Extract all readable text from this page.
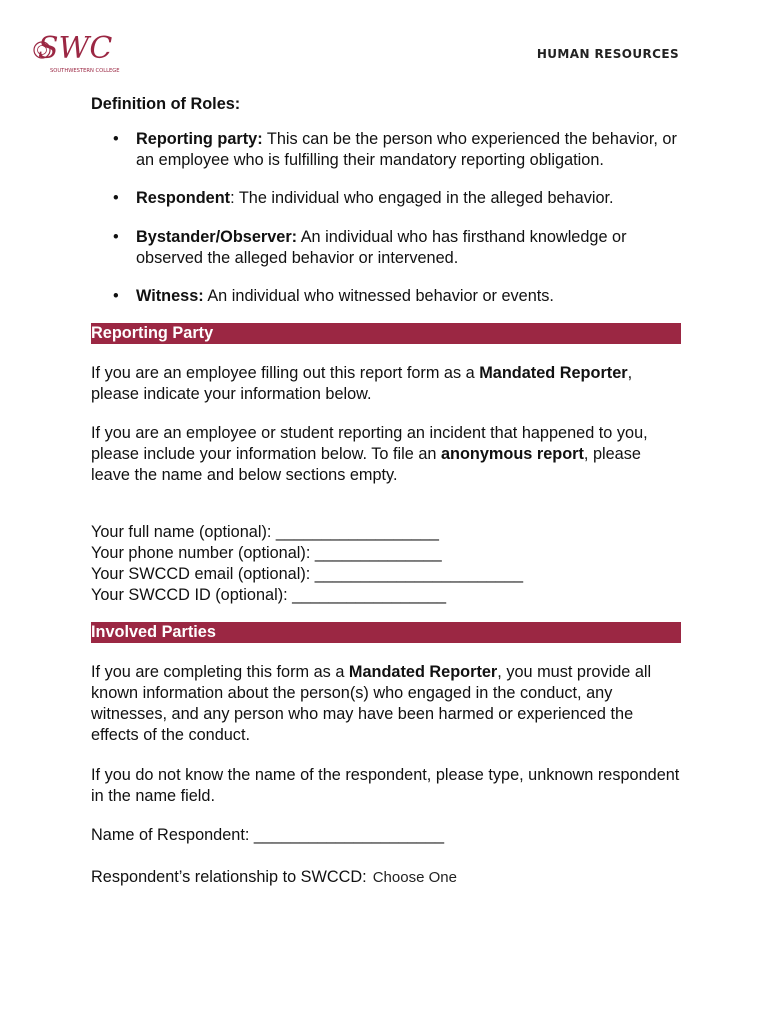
SWC
SOUTHWESTERN COLLEGE
HUMAN RESOURCES
Definition of Roles:
• Reporting party: This can be the person who experienced the behavior, or an employee who is fulfilling their mandatory reporting obligation.
• Respondent: The individual who engaged in the alleged behavior.
• Bystander/Observer: An individual who has firsthand knowledge or observed the alleged behavior or intervened.
• Witness: An individual who witnessed behavior or events.
Reporting Party

If you are an employee filling out this report form as a Mandated Reporter, please indicate your information below.

If you are an employee or student reporting an incident that happened to you, please include your information below. To file an anonymous report, please leave the name and below sections empty.

Your full name (optional): __________________

Your phone number (optional): ______________

Your SWCCD email (optional): _______________________

Your SWCCD ID (optional): _________________

Involved Parties

If you are completing this form as a Mandated Reporter, you must provide all known information about the person(s) who engaged in the conduct, any witnesses, and any person who may have been harmed or experienced the effects of the conduct.

If you do not know the name of the respondent, please type, unknown respondent in the name field.

Name of Respondent: _____________________

Respondent’s relationship to SWCCD: Choose One
